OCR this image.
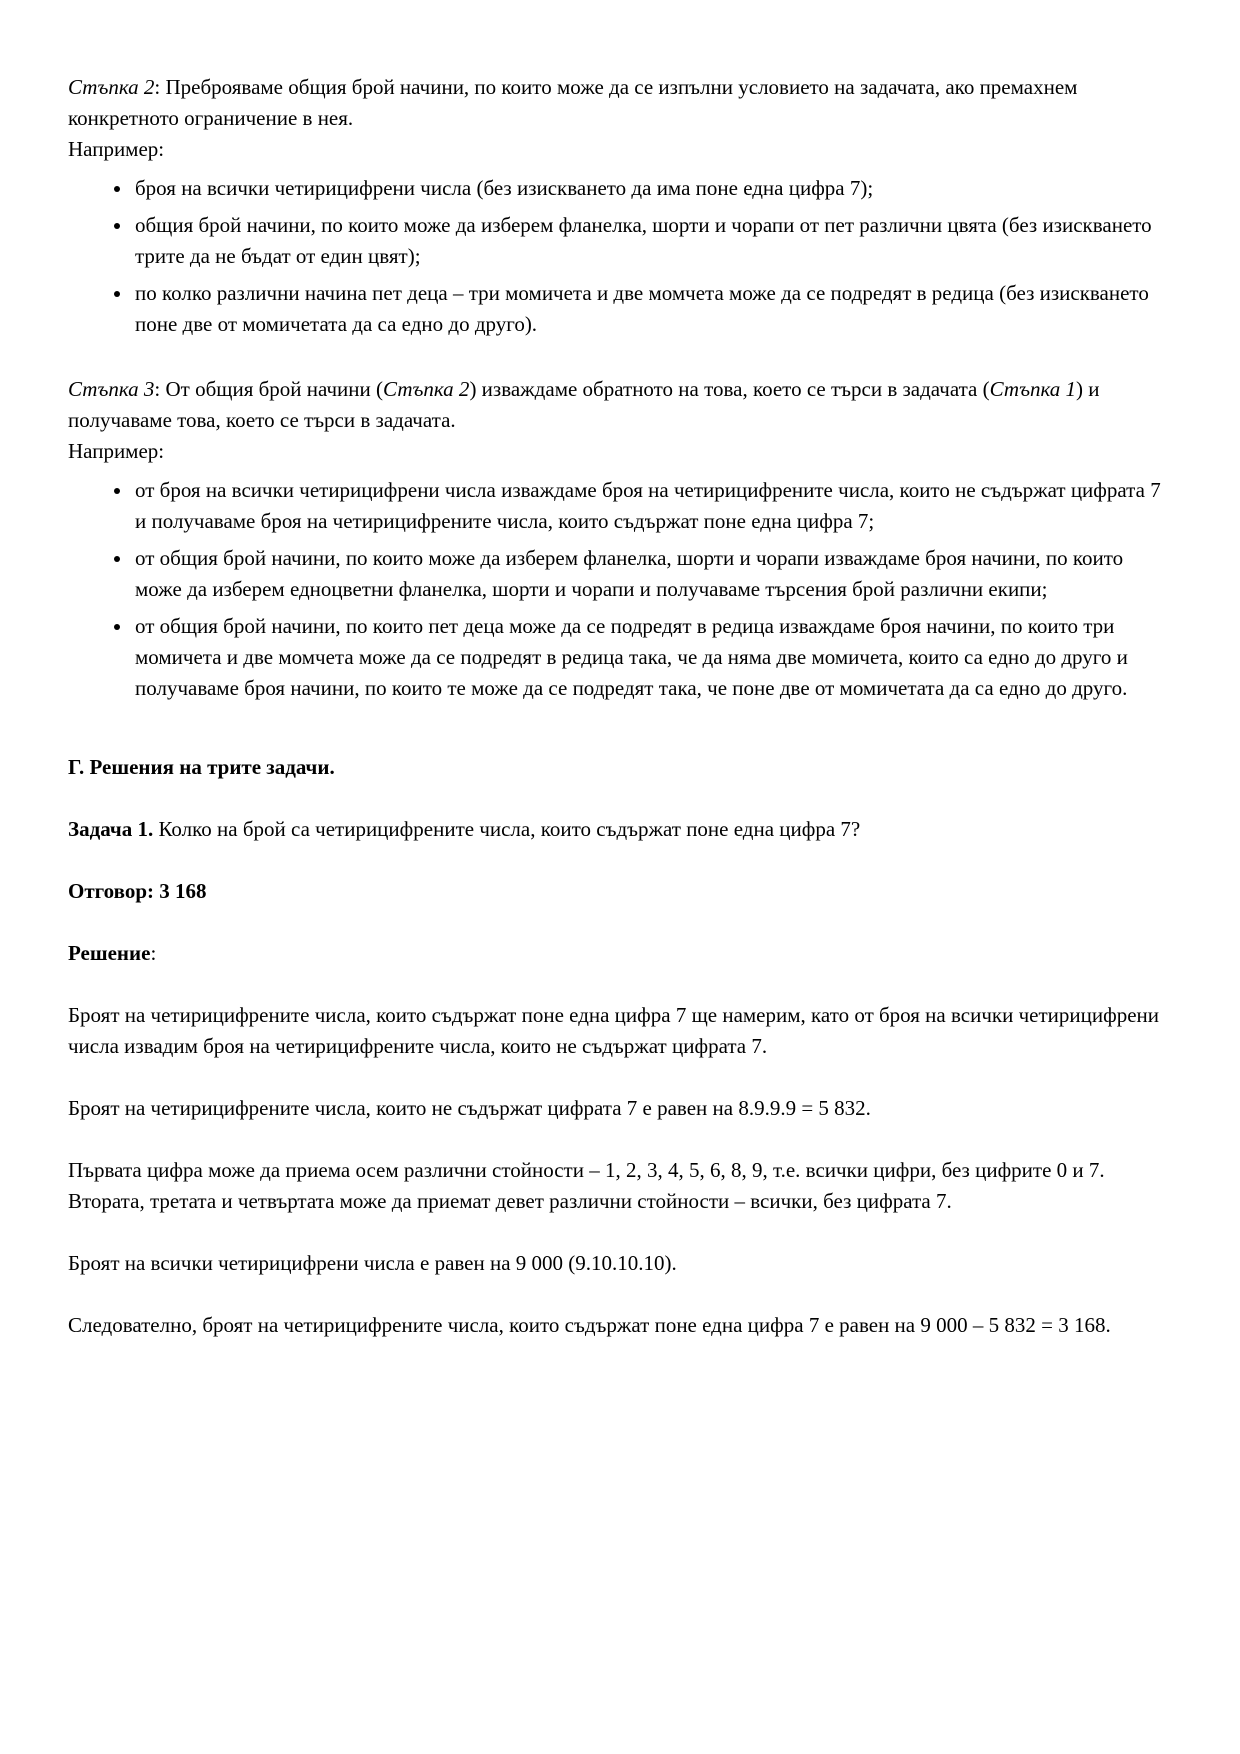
Стъпка 2: Преброяваме общия брой начини, по които може да се изпълни условието на задачата, ако премахнем конкретното ограничение в нея.

Например:

• броя на всички четирицифрени числа (без изискването да има поне една цифра 7);
• общия брой начини, по които може да изберем фланелка, шорти и чорапи от пет различни цвята (без изискването трите да не бъдат от един цвят);
• по колко различни начина пет деца – три момичета и две момчета може да се подредят в редица (без изискването поне две от момичетата да са едно до друго).

Стъпка 3: От общия брой начини (Стъпка 2) изваждаме обратното на това, което се търси в задачата (Стъпка 1) и получаваме това, което се търси в задачата.

Например:

• от броя на всички четирицифрени числа изваждаме броя на четирицифрените числа, които не съдържат цифрата 7 и получаваме броя на четирицифрените числа, които съдържат поне една цифра 7;
• от общия брой начини, по които може да изберем фланелка, шорти и чорапи изваждаме броя начини, по които може да изберем едноцветни фланелка, шорти и чорапи и получаваме търсения брой различни екипи;
• от общия брой начини, по които пет деца може да се подредят в редица изваждаме броя начини, по които три момичета и две момчета може да се подредят в редица така, че да няма две момичета, които са едно до друго и получаваме броя начини, по които те може да се подредят така, че поне две от момичетата да са едно до друго.

Г. Решения на трите задачи.

Задача 1. Колко на брой са четирицифрените числа, които съдържат поне една цифра 7?

Отговор: 3 168

Решение:

Броят на четирицифрените числа, които съдържат поне една цифра 7 ще намерим, като от броя на всички четирицифрени числа извадим броя на четирицифрените числа, които не съдържат цифрата 7.

Броят на четирицифрените числа, които не съдържат цифрата 7 е равен на 8.9.9.9 = 5 832.

Първата цифра може да приема осем различни стойности – 1, 2, 3, 4, 5, 6, 8, 9, т.е. всички цифри, без цифрите 0 и 7. Втората, третата и четвъртата може да приемат девет различни стойности – всички, без цифрата 7.

Броят на всички четирицифрени числа е равен на 9 000 (9.10.10.10).

Следователно, броят на четирицифрените числа, които съдържат поне една цифра 7 е равен на 9 000 – 5 832 = 3 168.
